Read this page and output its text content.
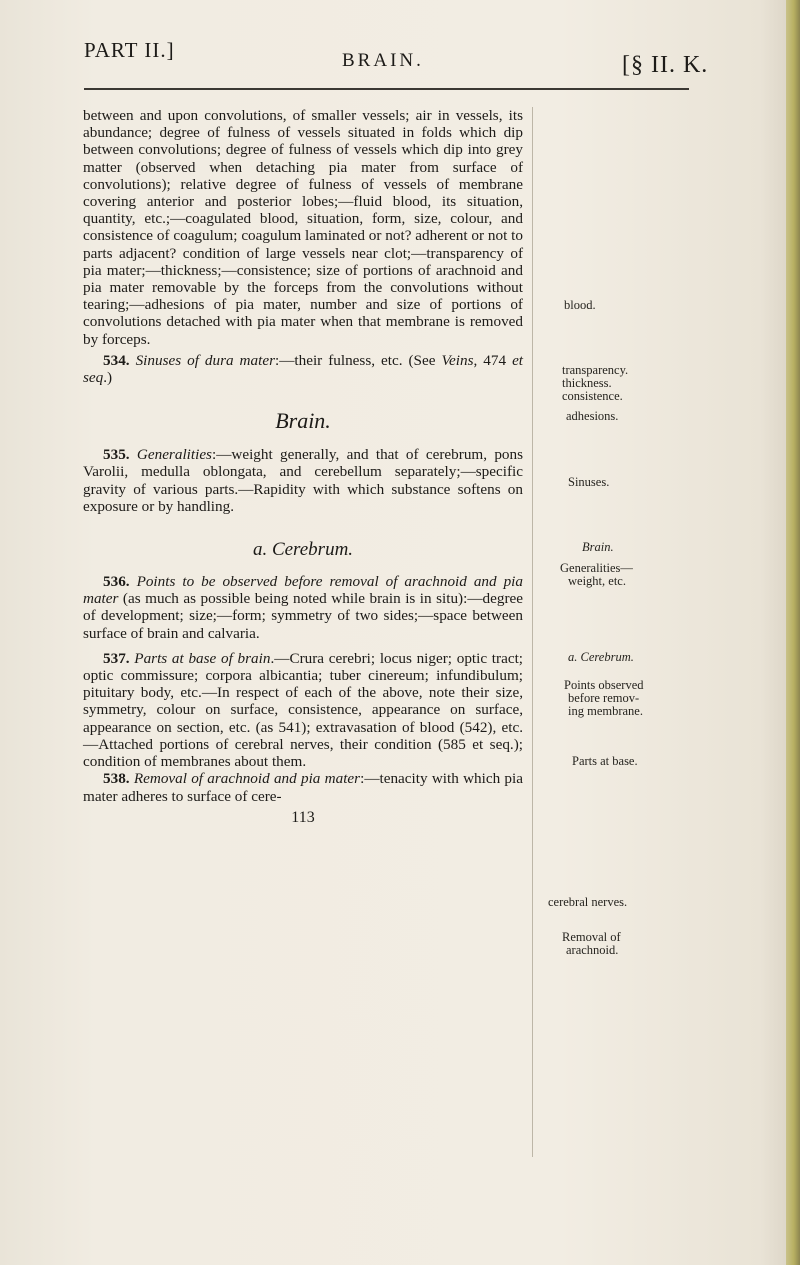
PART II.]	BRAIN.	[§ II. K.

between and upon convolutions, of smaller vessels; air in vessels, its abundance; degree of fulness of vessels situated in folds which dip between convolutions; degree of fulness of vessels which dip into grey matter (observed when detaching pia mater from surface of convolutions); relative degree of fulness of vessels of membrane covering anterior and posterior lobes;—fluid blood, its situation, quantity, etc.;—coagulated blood, situation, form, size, colour, and consistence of coagulum; coagulum laminated or not? adherent or not to parts adjacent? condition of large vessels near clot;—transparency of pia mater;—thickness;—consistence; size of portions of arachnoid and pia mater removable by the forceps from the convolutions without tearing;—adhesions of pia mater, number and size of portions of convolutions detached with pia mater when that membrane is removed by forceps.

534. Sinuses of dura mater:—their fulness, etc. (See Veins, 474 et seq.)

Brain.

535. Generalities:—weight generally, and that of cerebrum, pons Varolii, medulla oblongata, and cerebellum separately;—specific gravity of various parts.—Rapidity with which substance softens on exposure or by handling.

a. Cerebrum.

536. Points to be observed before removal of arachnoid and pia mater (as much as possible being noted while brain is in situ):—degree of development; size;—form; symmetry of two sides;—space between surface of brain and calvaria.

537. Parts at base of brain.—Crura cerebri; locus niger; optic tract; optic commissure; corpora albicantia; tuber cinereum; infundibulum; pituitary body, etc.—In respect of each of the above, note their size, symmetry, colour on surface, consistence, appearance on surface, appearance on section, etc. (as 541); extravasation of blood (542), etc.—Attached portions of cerebral nerves, their condition (585 et seq.); condition of membranes about them.

538. Removal of arachnoid and pia mater:—tenacity with which pia mater adheres to surface of cere-

113
blood.
transparency.
thickness.
consistence.
adhesions.
Sinuses.
Brain.
Generalities—
weight, etc.
a. Cerebrum.
Points observed
before remov-
ing membrane.
Parts at base.
cerebral nerves.
Removal of
arachnoid.
